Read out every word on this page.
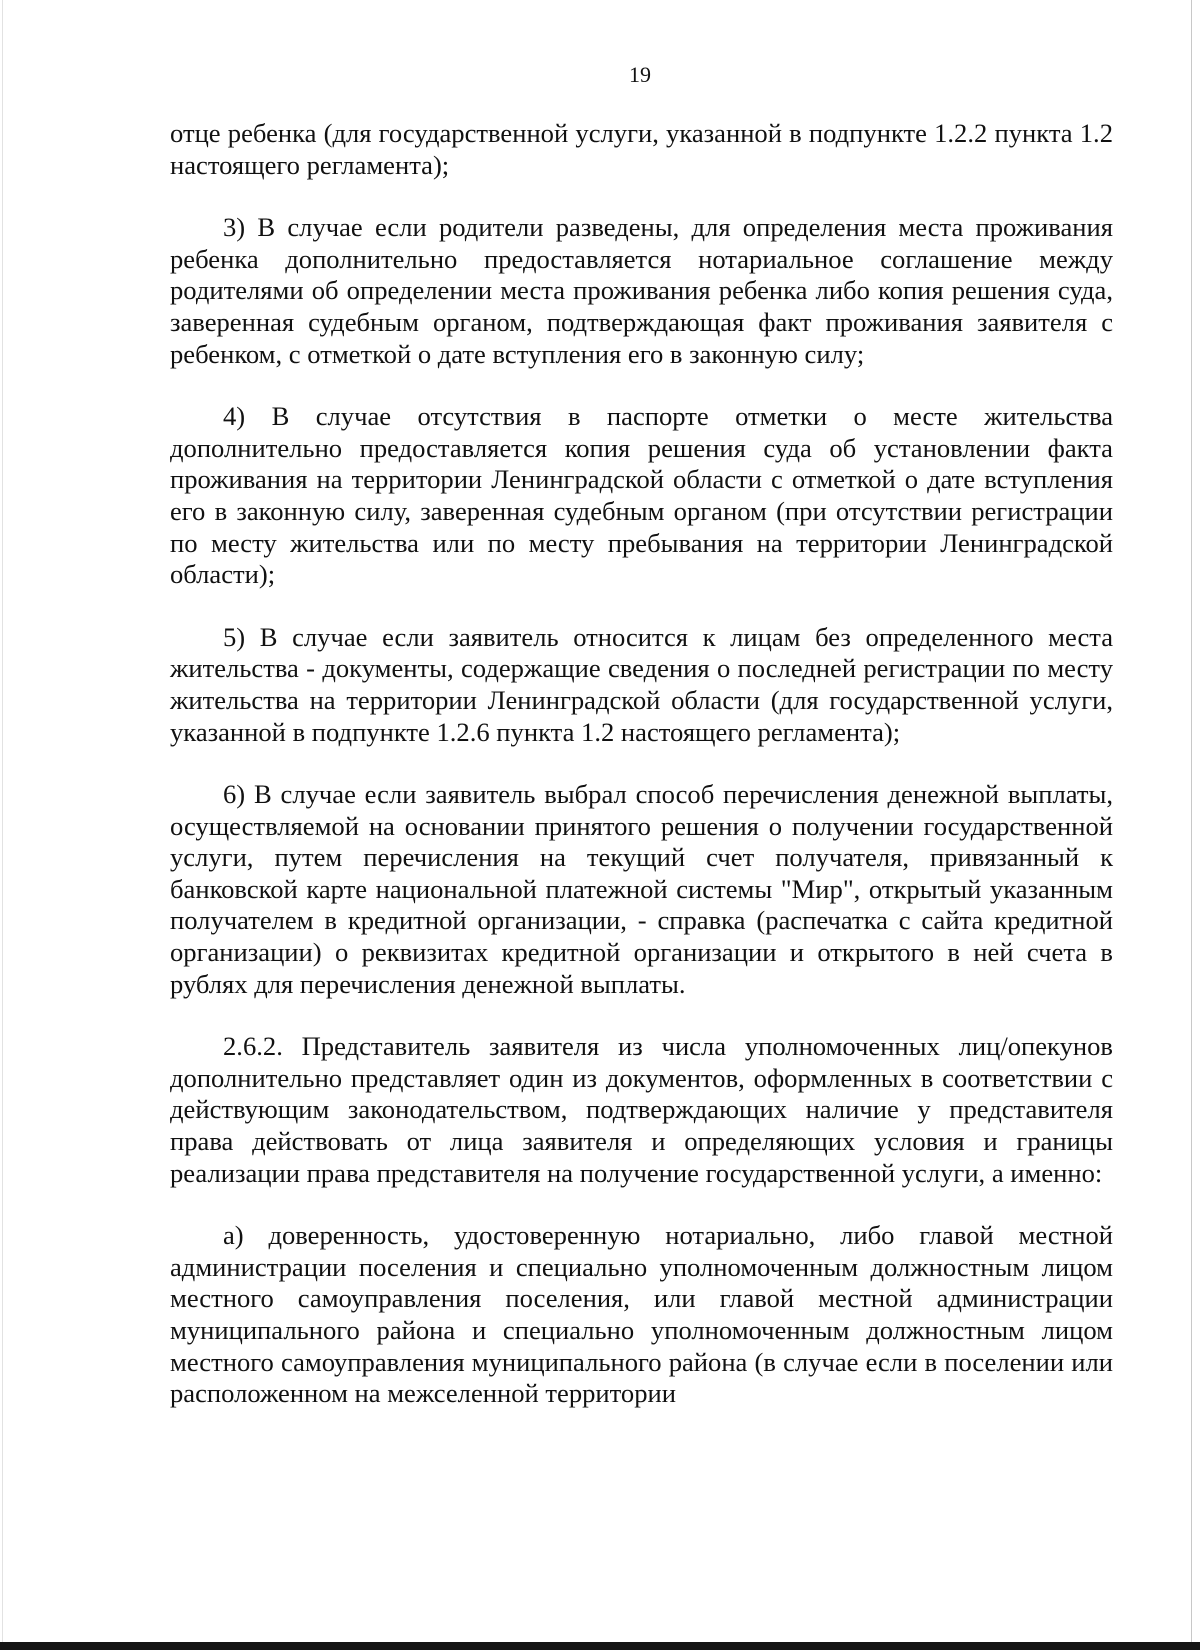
19

отце ребенка (для государственной услуги, указанной в подпункте 1.2.2 пункта 1.2 настоящего регламента);

3) В случае если родители разведены, для определения места проживания ребенка дополнительно предоставляется нотариальное соглашение между родителями об определении места проживания ребенка либо копия решения суда, заверенная судебным органом, подтверждающая факт проживания заявителя с ребенком, с отметкой о дате вступления его в законную силу;

4) В случае отсутствия в паспорте отметки о месте жительства дополнительно предоставляется копия решения суда об установлении факта проживания на территории Ленинградской области с отметкой о дате вступления его в законную силу, заверенная судебным органом (при отсутствии регистрации по месту жительства или по месту пребывания на территории Ленинградской области);

5) В случае если заявитель относится к лицам без определенного места жительства - документы, содержащие сведения о последней регистрации по месту жительства на территории Ленинградской области (для государственной услуги, указанной в подпункте 1.2.6 пункта 1.2 настоящего регламента);

6) В случае если заявитель выбрал способ перечисления денежной выплаты, осуществляемой на основании принятого решения о получении государственной услуги, путем перечисления на текущий счет получателя, привязанный к банковской карте национальной платежной системы "Мир", открытый указанным получателем в кредитной организации, - справка (распечатка с сайта кредитной организации) о реквизитах кредитной организации и открытого в ней счета в рублях для перечисления денежной выплаты.

2.6.2. Представитель заявителя из числа уполномоченных лиц/опекунов дополнительно представляет один из документов, оформленных в соответствии с действующим законодательством, подтверждающих наличие у представителя права действовать от лица заявителя и определяющих условия и границы реализации права представителя на получение государственной услуги, а именно:

а) доверенность, удостоверенную нотариально, либо главой местной администрации поселения и специально уполномоченным должностным лицом местного самоуправления поселения, или главой местной администрации муниципального района и специально уполномоченным должностным лицом местного самоуправления муниципального района (в случае если в поселении или расположенном на межселенной территории
